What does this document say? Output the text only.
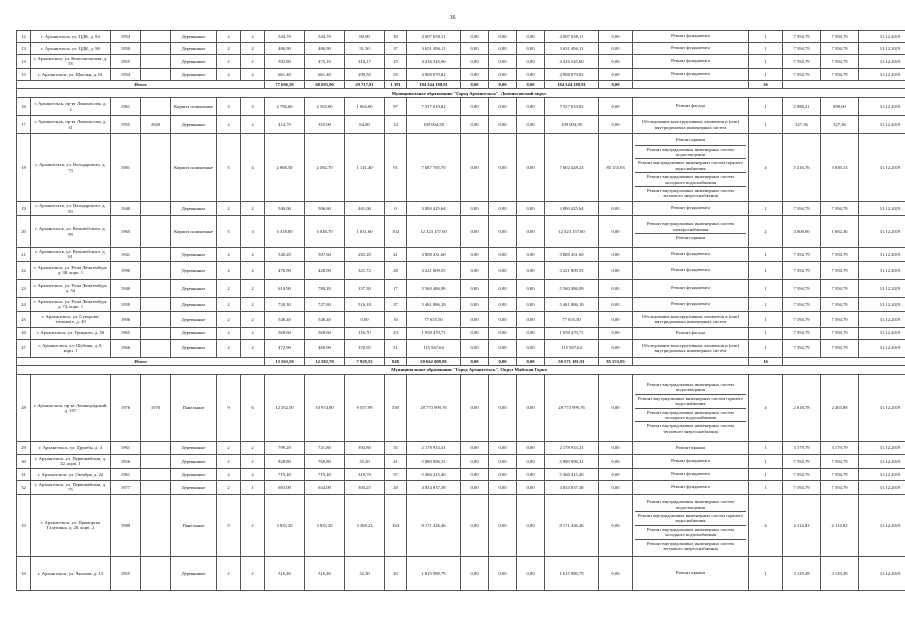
36
12	г. Архангельск, ул. ЦДК, д. 94	1954		Деревянные	2	2	544,70	544,70	60,90	30	4 007 658,11	0,00	0,00	0,00	4 007 658,11	0,00	Ремонт фундамента	1	7 594,79	7 594,79	31.12.2019
13	г. Архангельск, ул. ЦДК, д. 98	1950		Деревянные	2	2	486,90	486,90	51,50	37	3 651 496,11	0,00	0,00	0,00	3 651 496,11	0,00	Ремонт фундамента	1	7 594,79	7 594,79	31.12.2019
14	г. Архангельск, ул. Комсомольская, д. 55	1955		Деревянные	2	2	592,80	475,10	310,17	15	4 416 545,60	0,00	0,00	0,00	4 416 545,60	0,00	Ремонт фундамента	1	7 594,79	7 594,79	31.12.2019
15	г. Архангельск, ул. Школьн, д. 61	1954		Деревянные	2	2	661,40	661,40	299,92	55	4 908 079,82	0,00	0,00	0,00	4 908 079,82	0,00	Ремонт фундамента	1	7 594,79	7 594,79	31.12.2019
Итого							77 696,58	68 693,90	29 717,81	1 391	184 344 188,91	0,00	0,00	0,00	184 344 188,91	0,00		26			
Муниципальное образование "Город Архангельск". Ломоносовский округ																					
16	г. Архангельск, пр-кт Ломоносова, д. 2	1961		Кирпич силикатные	3	3	2 796,60	2 503,00	1 064,00	97	7 537 019,82	0,00	0,00	0,00	7 537 019,82	0,00	Ремонт фасада	1	2 988,21	899,60	31.12.2019
17	г. Архангельск, пр-кт Ломоносова, д. 31	1955	2020	Деревянные	2	2	414,79	355,00	64,80	14	109 004,58	0,00	0,00	0,00	109 004,58	0,00	Обследование конструктивных элементов и (или) внутридомовых инженерных систем	1	327,36	327,36	31.12.2019
18	г. Архангельск, ул. Володарского, д. 73	1981		Кирпич силикатные	5	4	2 868,50	2 582,70	1 141,40	91	7 687 705,70	0,00	0,00	0,00	7 602 428,23	85 153,93	Ремонт крыши
Ремонт внутридомовых инженерных систем водоотведения
Ремонт внутридомовых инженерных систем горячего водоснабжения
Ремонт внутридомовых инженерных систем холодного водоснабжения
Ремонт внутридомовых инженерных систем теплового энергоснабжения	4	5 216,76	3 830,13	31.12.2019
19	г. Архангельск, ул. Володарского, д. 83	1940		Деревянные	2	2	540,00	506,60	461,00	0	3 800 425,64	0,00	0,00	0,00	3 800 425,64	0,00	Ремонт фундамента	1	7 594,79	7 594,79	31.12.2019
20	г. Архангельск, ул. Вельмебского, д. 99	1965		Кирпич силикатные	5	3	3 318,80	3 048,70	1 051,60	102	12 323 157,60	0,00	0,00	0,00	12 323 157,60	0,00	Ремонт внутридомовых инженерных систем электроснабжения
Ремонт крыши	2	4 008,00	1 682,36	31.12.2019
21	г. Архангельск, ул. Вельмебского, д. 61	1941		Деревянные	2	2	540,20	507,60	265,20	41	3 808 431,60	0,00	0,00	0,00	3 808 431,60	0,00	Ремонт фундамента	1	7 594,79	7 594,79	31.12.2019
22	г. Архангельск, ул. Розы Люксембург, д. 38, корп. 1	1990		Деревянные	2	2	478,90	428,90	321,72	28	3 221 809,55	0,00	0,00	0,00	3 221 809,55	0,00	Ремонт фундамента	1	7 594,79	7 594,79	31.12.2019
23	г. Архангельск, ул. Розы Люксембург, д. 54	1940		Деревянные	2	2	610,90	780,20	157,30	17	5 560 486,99	0,00	0,00	0,00	5 560 486,99	0,00	Ремонт фундамента	1	7 594,79	7 594,79	31.12.2019
24	г. Архангельск, ул. Розы Люксембург, д. 74, корп. 1	1959		Деревянные	2	2	720,30	727,80	516,18	37	5 461 886,18	0,00	0,00	0,00	5 461 886,18	0,00	Ремонт фундамента	1	7 594,79	7 594,79	31.12.2019
25	г. Архангельск, ул. Суворова/тлевского, д. 20	1906		Деревянные	2	2	548,40	548,40	0,00	16	77 655,50	0,00	0,00	0,00	77 655,50	0,00	Обследование конструктивных элементов и (или) внутридомовых инженерных систем	1	7 594,79	7 594,79	31.12.2019
26	г. Архангельск, ул. Урицкого, д. 50	1965		Деревянные	2	2	560,60	560,60	116,70	23	1 058 470,71	0,00	0,00	0,00	1 058 470,71	0,00	Ремонт фасада	1	7 594,79	7 594,79	31.12.2019
27	г. Архангельск, ул. Шубина, д. 8, корп. 1	1966		Деревянные	2	2	472,90	469,90	370,95	51	115 947,64	0,00	0,00	0,00	115 947,64	0,00	Обследование конструктивных элементов и (или) внутридомовых инженерных систем	1	7 594,79	7 594,79	31.12.2019
Итого							13 563,50	12 382,70	7 928,53	848	50 662 008,86	0,00	0,00	0,00	50 571 181,91	85 153,93		16			
Муниципальное образование "Город Архангельск". Округ Майская Горка																					
28	г. Архангельск, пр-кт Ленинградский, д. 107	1976	1976	Панельные	9	6	12 352,50	10 974,80	9 557,99	539	28 773 999,76	0,00	0,00	0,00	28 773 999,76	0,00	Ремонт внутридомовых инженерных систем водоотведения
Ремонт внутридомовых инженерных систем горячего водоснабжения
Ремонт внутридомовых инженерных систем холодного водоснабжения
Ремонт внутридомовых инженерных систем теплового энергоснабжения	4	2 618,78	2 463,89	31.12.2019
29	г. Архангельск, ул. Дружбы, д. 4	1961		Деревянные	2	2	799,20	721,80	394,80	35	2 178 933,41	0,00	0,00	0,00	2 178 933,41	0,00	Ремонт крыши	1	3 179,79	3 179,79	31.12.2019
30	г. Архангельск, ул. Первомайская, д. 22, корп. 1	1956		Деревянные	2	2	828,80	760,80	35,20	41	5 880 096,31	0,00	0,00	0,00	5 880 096,31	0,00	Ремонт фундамента	1	7 594,79	7 594,79	31.12.2019
31	г. Архангельск, ул. Октября, д. 22	1961		Деревянные	2	2	715,40	715,40	310,70	37	5 366 415,40	0,00	0,00	0,00	5 366 415,40	0,00	Ремонт фундамента	1	7 594,79	7 594,79	31.12.2019
32	г. Архангельск, ул. Первомайская, д. 75	1977		Деревянные	2	1	683,00	644,00	303,25	20	4 834 837,38	0,00	0,00	0,00	4 834 837,38	0,00	Ремонт фундамента	1	7 594,79	7 594,79	31.12.2019
33	г. Архангельск, ул. Приморска Галушина, д. 28, корп. 2	1989		Панельные	9	2	3 835,20	3 835,20	3 369,23	164	8 171 436,46	0,00	0,00	0,00	8 171 436,46	0,00	Ремонт внутридомовых инженерных систем водоотведения
Ремонт внутридомовых инженерных систем горячего водоснабжения
Ремонт внутридомовых инженерных систем холодного водоснабжения
Ремонт внутридомовых инженерных систем теплового энергоснабжения	4	2 114,83	2 114,83	31.12.2019
34	г. Архангельск, ул. Чкалова, д. 13	1955		Деревянные	2	2	516,40	516,40	32,30	45	1 615 980,79	0,00	0,00	0,00	1 615 980,79	0,00	Ремонт крыши	1	3 129,28	3 129,28	31.12.2019
